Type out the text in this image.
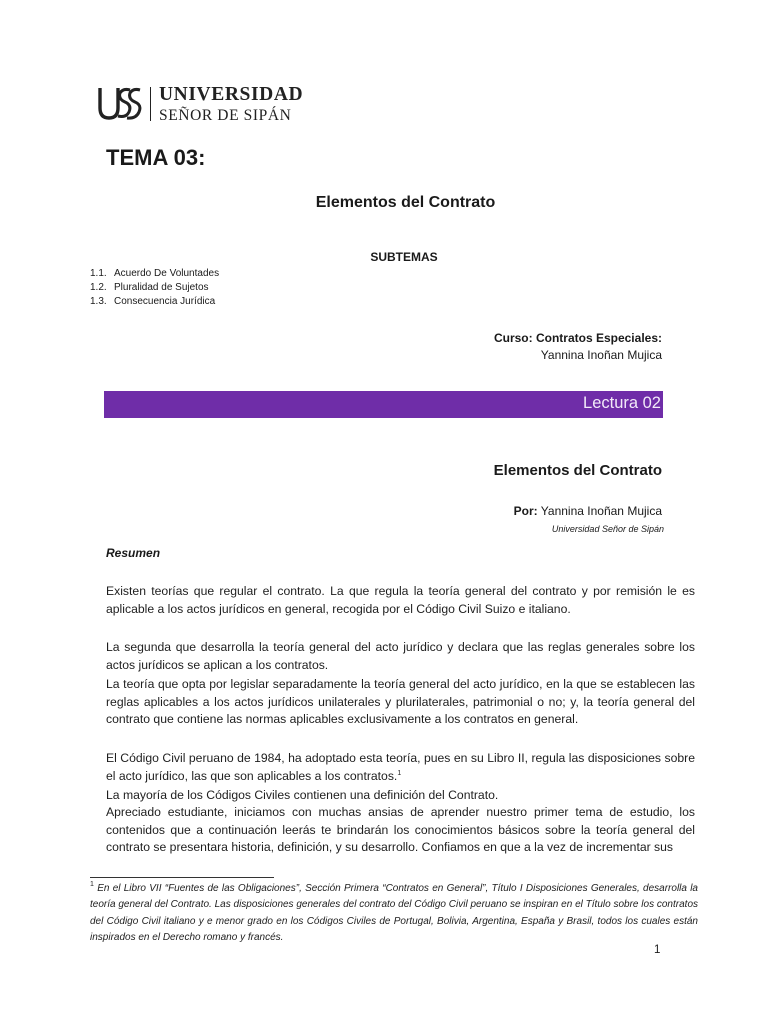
UNIVERSIDAD
SEÑOR DE SIPÁN
TEMA 03:
Elementos del Contrato
SUBTEMAS
1.1. Acuerdo De Voluntades
1.2. Pluralidad de Sujetos
1.3. Consecuencia Jurídica
Curso: Contratos Especiales:
Yannina Inoñan Mujica
Lectura 02
Elementos del Contrato
Por: Yannina Inoñan Mujica
Universidad Señor de Sipán
Resumen

Existen teorías que regular el contrato. La que regula la teoría general del contrato y por remisión le es aplicable a los actos jurídicos en general, recogida por el Código Civil Suizo e italiano.

La segunda que desarrolla la teoría general del acto jurídico y declara que las reglas generales sobre los actos jurídicos se aplican a los contratos.

La teoría que opta por legislar separadamente la teoría general del acto jurídico, en la que se establecen las reglas aplicables a los actos jurídicos unilaterales y plurilaterales, patrimonial o no; y, la teoría general del contrato que contiene las normas aplicables exclusivamente a los contratos en general.

El Código Civil peruano de 1984, ha adoptado esta teoría, pues en su Libro II, regula las disposiciones sobre el acto jurídico, las que son aplicables a los contratos.$^1$

La mayoría de los Códigos Civiles contienen una definición del Contrato.

Apreciado estudiante, iniciamos con muchas ansias de aprender nuestro primer tema de estudio, los contenidos que a continuación leerás te brindarán los conocimientos básicos sobre la teoría general del contrato se presentara historia, definición, y su desarrollo. Confiamos en que a la vez de incrementar sus

$^1$ En el Libro VII “Fuentes de las Obligaciones”, Sección Primera “Contratos en General”, Título I Disposiciones Generales, desarrolla la teoría general del Contrato. Las disposiciones generales del contrato del Código Civil peruano se inspiran en el Título sobre los contratos del Código Civil italiano y e menor grado en los Códigos Civiles de Portugal, Bolivia, Argentina, España y Brasil, todos los cuales están inspirados en el Derecho romano y francés.
1
